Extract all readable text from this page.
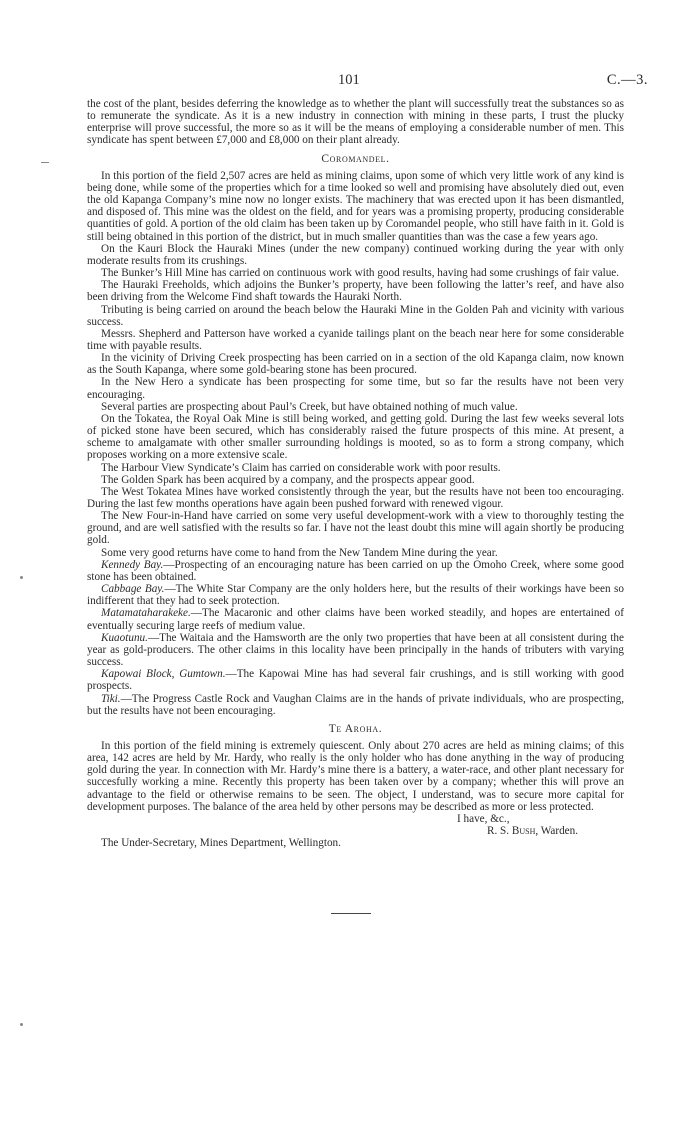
101	C.—3.

the cost of the plant, besides deferring the knowledge as to whether the plant will successfully treat the substances so as to remunerate the syndicate. As it is a new industry in connection with mining in these parts, I trust the plucky enterprise will prove successful, the more so as it will be the means of employing a considerable number of men. This syndicate has spent between £7,000 and £8,000 on their plant already.

Coromandel.

In this portion of the field 2,507 acres are held as mining claims, upon some of which very little work of any kind is being done, while some of the properties which for a time looked so well and promising have absolutely died out, even the old Kapanga Company’s mine now no longer exists. The machinery that was erected upon it has been dismantled, and disposed of. This mine was the oldest on the field, and for years was a promising property, producing considerable quantities of gold. A portion of the old claim has been taken up by Coromandel people, who still have faith in it. Gold is still being obtained in this portion of the district, but in much smaller quantities than was the case a few years ago.

On the Kauri Block the Hauraki Mines (under the new company) continued working during the year with only moderate results from its crushings.

The Bunker’s Hill Mine has carried on continuous work with good results, having had some crushings of fair value.

The Hauraki Freeholds, which adjoins the Bunker’s property, have been following the latter’s reef, and have also been driving from the Welcome Find shaft towards the Hauraki North.

Tributing is being carried on around the beach below the Hauraki Mine in the Golden Pah and vicinity with various success.

Messrs. Shepherd and Patterson have worked a cyanide tailings plant on the beach near here for some considerable time with payable results.

In the vicinity of Driving Creek prospecting has been carried on in a section of the old Kapanga claim, now known as the South Kapanga, where some gold-bearing stone has been procured.

In the New Hero a syndicate has been prospecting for some time, but so far the results have not been very encouraging.

Several parties are prospecting about Paul’s Creek, but have obtained nothing of much value.

On the Tokatea, the Royal Oak Mine is still being worked, and getting gold. During the last few weeks several lots of picked stone have been secured, which has considerably raised the future prospects of this mine. At present, a scheme to amalgamate with other smaller surrounding holdings is mooted, so as to form a strong company, which proposes working on a more extensive scale.

The Harbour View Syndicate’s Claim has carried on considerable work with poor results.

The Golden Spark has been acquired by a company, and the prospects appear good.

The West Tokatea Mines have worked consistently through the year, but the results have not been too encouraging. During the last few months operations have again been pushed forward with renewed vigour.

The New Four-in-Hand have carried on some very useful development-work with a view to thoroughly testing the ground, and are well satisfied with the results so far. I have not the least doubt this mine will again shortly be producing gold.

Some very good returns have come to hand from the New Tandem Mine during the year.

Kennedy Bay.—Prospecting of an encouraging nature has been carried on up the Omoho Creek, where some good stone has been obtained.

Cabbage Bay.—The White Star Company are the only holders here, but the results of their workings have been so indifferent that they had to seek protection.

Matamataharakeke.—The Macaronic and other claims have been worked steadily, and hopes are entertained of eventually securing large reefs of medium value.

Kuaotunu.—The Waitaia and the Hamsworth are the only two properties that have been at all consistent during the year as gold-producers. The other claims in this locality have been principally in the hands of tributers with varying success.

Kapowai Block, Gumtown.—The Kapowai Mine has had several fair crushings, and is still working with good prospects.

Tiki.—The Progress Castle Rock and Vaughan Claims are in the hands of private individuals, who are prospecting, but the results have not been encouraging.

Te Aroha.

In this portion of the field mining is extremely quiescent. Only about 270 acres are held as mining claims; of this area, 142 acres are held by Mr. Hardy, who really is the only holder who has done anything in the way of producing gold during the year. In connection with Mr. Hardy’s mine there is a battery, a water-race, and other plant necessary for succesfully working a mine. Recently this property has been taken over by a company; whether this will prove an advantage to the field or otherwise remains to be seen. The object, I understand, was to secure more capital for development purposes. The balance of the area held by other persons may be described as more or less protected.

I have, &c.,
R. S. Bush, Warden.

The Under-Secretary, Mines Department, Wellington.
